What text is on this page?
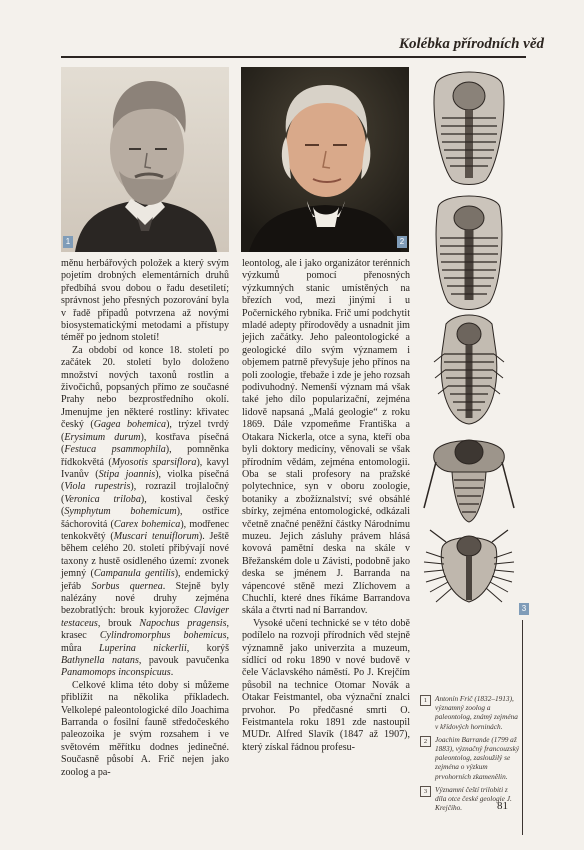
Kolébka přírodních věd
1	2

měnu herbářových položek a který svým pojetím drobných elementárních druhů předbíhá svou dobou o řadu desetiletí; správnost jeho přesných pozorování byla v řadě případů potvrzena až novými biosystematickými metodami a přístupy téměř po jednom století!

Za období od konce 18. století po začátek 20. století bylo doloženo množství nových taxonů rostlin a živočichů, popsaných přímo ze současné Prahy nebo bezprostředního okolí. Jmenujme jen některé rostliny: křivatec český (Gagea bohemica), trýzel tvrdý (Erysimum durum), kostřava písečná (Festuca psammophila), pomněnka řídkokvětá (Myosotis sparsiflora), kavyl Ivanův (Stipa joannis), violka písečná (Viola rupestris), rozrazil trojlaločný (Veronica triloba), kostival český (Symphytum bohemicum), ostřice šáchorovitá (Carex bohemica), modřenec tenkokvětý (Muscari tenuiflorum). Ještě během celého 20. století přibývají nové taxony z hustě osídleného území: zvonek jemný (Campanula gentilis), endemický jeřáb Sorbus quernea. Stejně byly nalézány nové druhy zejména bezobratlých: brouk kyjorožec Claviger testaceus, brouk Napochus pragensis, krasec Cylindromorphus bohemicus, můra Luperina nickerlii, korýš Bathynella natans, pavouk pavučenka Panamomops inconspicuus.

Celkové klima této doby si můžeme přiblížit na několika příkladech. Velkolepé paleontologické dílo Joachima Barranda o fosilní fauně středočeského paleozoika je svým rozsahem i ve světovém měřítku dodnes jedinečné. Současně působí A. Frič nejen jako zoolog a pa-

leontolog, ale i jako organizátor terénních výzkumů pomocí přenosných výzkumných stanic umístěných na březích vod, mezi jinými i u Počernického rybníka. Frič umí podchytit mladé adepty přírodovědy a usnadnit jim jejich začátky. Jeho paleontologické a geologické dílo svým významem i objemem patrně převyšuje jeho přínos na poli zoologie, třebaže i zde je jeho rozsah podivuhodný. Nemenší význam má však také jeho dílo popularizační, zejména lidově napsaná „Malá geologie“ z roku 1869. Dále vzpomeňme Františka a Otakara Nickerla, otce a syna, kteří oba byli doktory medicíny, věnovali se však přírodním vědám, zejména entomologii. Oba se stali profesory na pražské polytechnice, syn v oboru zoologie, botaniky a zbožíznalství; své obsáhlé sbírky, zejména entomologické, odkázali včetně značné peněžní částky Národnímu muzeu. Jejich zásluhy právem hlásá kovová pamětní deska na skále v Břežanském dole u Závisti, podobně jako deska se jménem J. Barranda na vápencové stěně mezi Zlíchovem a Chuchlí, které dnes říkáme Barrandova skála a čtvrti nad ní Barrandov.

Vysoké učení technické se v této době podílelo na rozvoji přírodních věd stejně významně jako univerzita a muzeum, sídlící od roku 1890 v nové budově v čele Václavského náměstí. Po J. Krejčím působil na technice Otomar Novák a Otakar Feistmantel, oba význační znalci prvohor. Po předčasné smrti O. Feistmantela roku 1891 zde nastoupil MUDr. Alfred Slavík (1847 až 1907), který získal řádnou profesu-

3
1	Antonín Frič (1832–1913), významný zoolog a paleontolog, známý zejména v křídových horninách.
2	Joachim Barrande (1799 až 1883), význačný francouzský paleontolog, zasloužilý se zejména o výzkum prvohorních zkamenělin.
3	Významní čeští trilobiti z díla otce české geologie J. Krejčího.	81
